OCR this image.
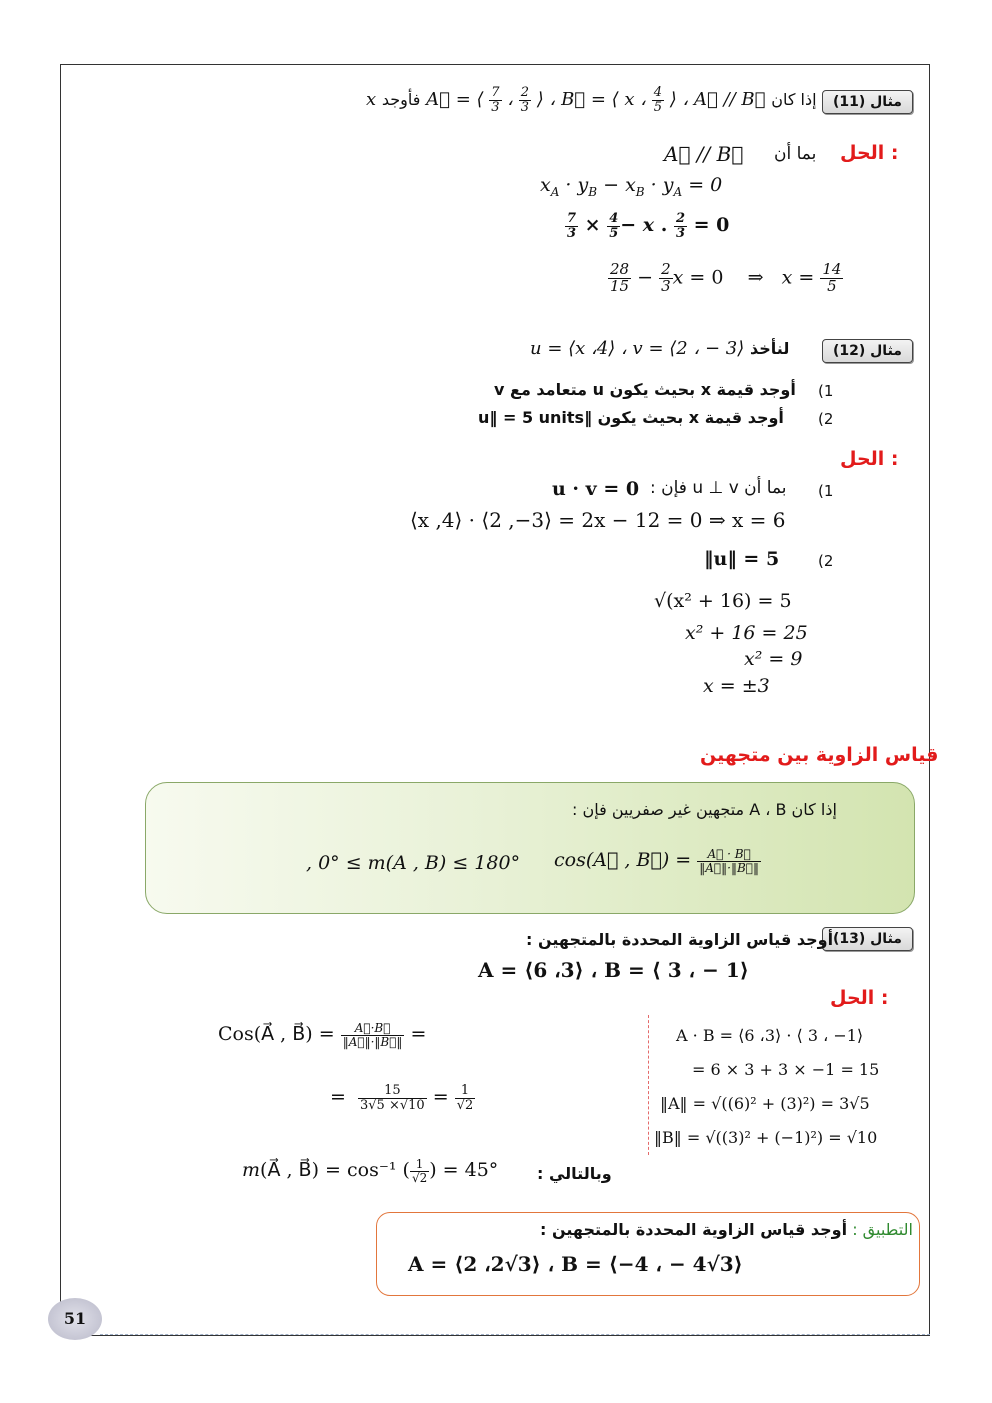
مثال (11)
x فأوجد A⃗ = ⟨ $\frac{7}{3}$ ، $\frac{2}{3}$ ⟩ ، B⃗ = ⟨ x ، $\frac{4}{5}$ ⟩ ، A⃗ // B⃗ إذا كان
الحل :
بما أن
A⃗ // B⃗
$x_A \cdot y_B - x_B \cdot y_A = 0$
$\frac{7}{3} \times \frac{4}{5} - x$ . $\frac{2}{3} = 0$
$\frac{28}{15} - \frac{2}{3}$ x = 0    ⇒   $x = \frac{14}{5}$
مثال (12)
u = ⟨x ،4⟩ ، v = ⟨2 ، − 3⟩ لنأخذ
أوجد قيمة x بحيث يكون u متعامد مع v (1
أوجد قيمة x بحيث يكون ‖u‖ = 5 units (2
الحل :
(1
بما أن u ⊥ v فإن :
u · v = 0
⟨x ,4⟩ · ⟨2 ,−3⟩ = 2x − 12 = 0 ⇒ x = 6
(2
‖u‖ = 5
√(x² + 16) = 5
x² + 16 = 25
x² = 9
x = ±3
قياس الزاوية بين متجهين
إذا كان A ، B متجهين غير صفريين فإن :
cos(A⃗ , B⃗) = $\frac{A⃗ \cdot B⃗}{‖A⃗‖\cdot‖B⃗‖}$
, 0° ≤ m(A , B) ≤ 180°
مثال (13)
أوجد قياس الزاوية المحددة بالمتجهين :
A = ⟨6 ،3⟩ ، B = ⟨ 3 ، − 1⟩
الحل :
A · B = ⟨6 ،3⟩ · ⟨ 3 ، −1⟩
= 6 × 3 + 3 × −1 = 15
‖A‖ = √((6)² + (3)²) = 3√5
‖B‖ = √((3)² + (−1)²) = √10
Cos(A⃗ , B⃗) = $\frac{A⃗\cdot B⃗}{‖A⃗‖\cdot‖B⃗‖}$ =
= $\frac{15}{3√5 \times√10} = \frac{1}{√2}$
وبالتالي :
m(A⃗ , B⃗) = cos⁻¹ ( $\frac{1}{√2}$ ) = 45°
التطبيق : أوجد قياس الزاوية المحددة بالمتجهين :
A = ⟨2 ،2√3⟩ ، B = ⟨−4 ، − 4√3⟩
51
